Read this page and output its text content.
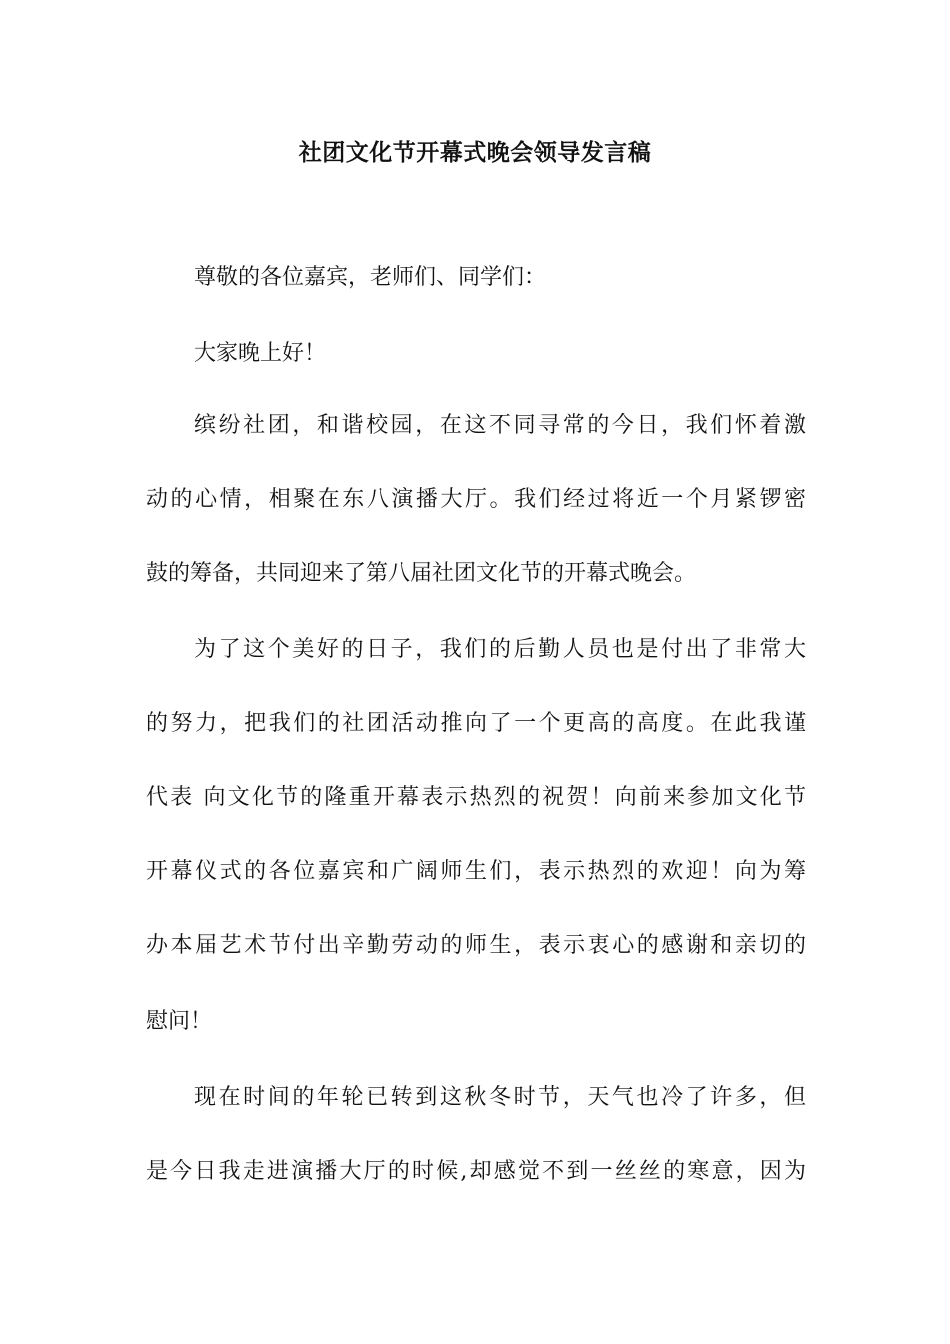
社团文化节开幕式晚会领导发言稿
尊敬的各位嘉宾，老师们、同学们：
大家晚上好！
缤纷社团，和谐校园，在这不同寻常的今日，我们怀着激
动的心情，相聚在东八演播大厅。我们经过将近一个月紧锣密
鼓的筹备，共同迎来了第八届社团文化节的开幕式晚会。
为了这个美好的日子，我们的后勤人员也是付出了非常大
的努力，把我们的社团活动推向了一个更高的高度。在此我谨
代表 向文化节的隆重开幕表示热烈的祝贺！向前来参加文化节
开幕仪式的各位嘉宾和广阔师生们，表示热烈的欢迎！向为筹
办本届艺术节付出辛勤劳动的师生，表示衷心的感谢和亲切的
慰问！
现在时间的年轮已转到这秋冬时节，天气也冷了许多，但
是今日我走进演播大厅的时候,却感觉不到一丝丝的寒意，因为
